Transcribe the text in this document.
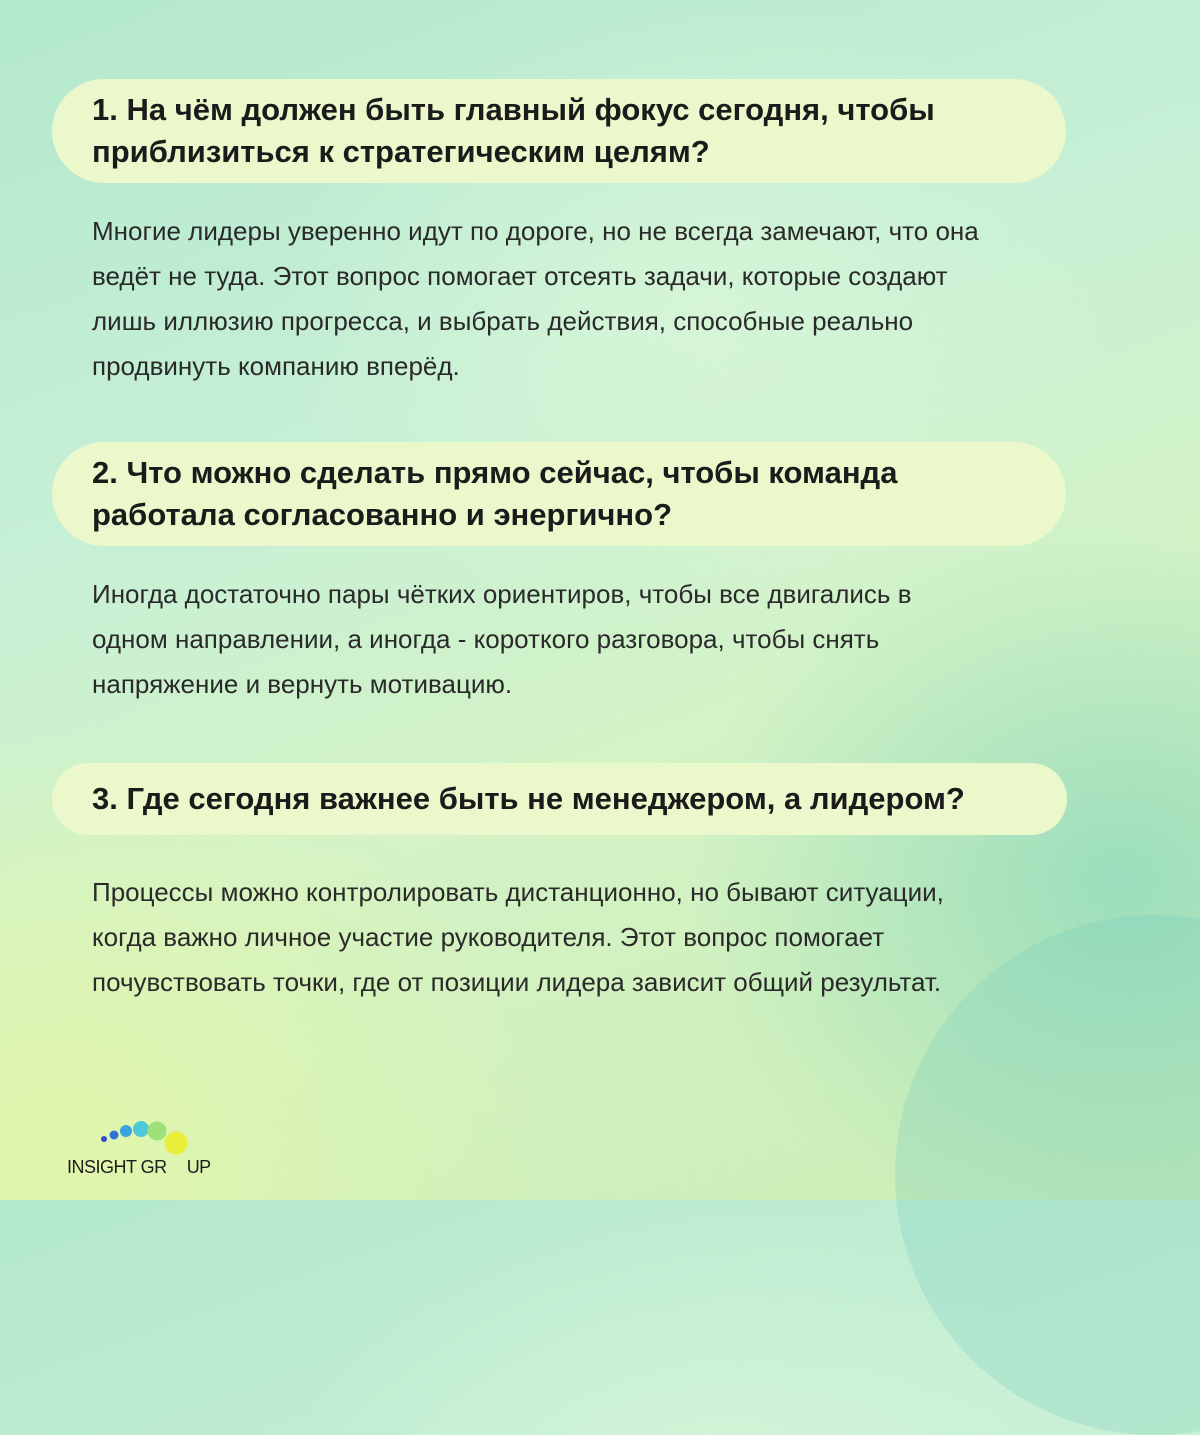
1. На чём должен быть главный фокус сегодня, чтобы
приблизиться к стратегическим целям?

Многие лидеры уверенно идут по дороге, но не всегда замечают, что она
ведёт не туда. Этот вопрос помогает отсеять задачи, которые создают
лишь иллюзию прогресса, и выбрать действия, способные реально
продвинуть компанию вперёд.

2. Что можно сделать прямо сейчас, чтобы команда
работала согласованно и энергично?

Иногда достаточно пары чётких ориентиров, чтобы все двигались в
одном направлении, а иногда - короткого разговора, чтобы снять
напряжение и вернуть мотивацию.

3. Где сегодня важнее быть не менеджером, а лидером?

Процессы можно контролировать дистанционно, но бывают ситуации,
когда важно личное участие руководителя. Этот вопрос помогает
почувствовать точки, где от позиции лидера зависит общий результат.

INSIGHT GR UP
